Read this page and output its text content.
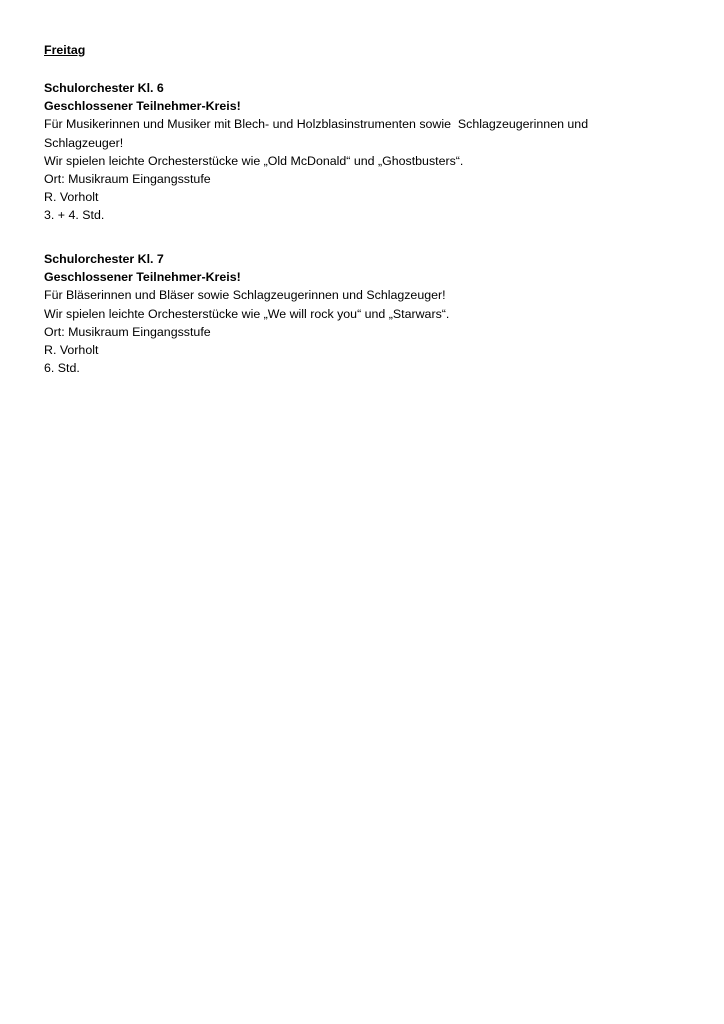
Freitag
Schulorchester Kl. 6
Geschlossener Teilnehmer-Kreis!
Für Musikerinnen und Musiker mit Blech- und Holzblasinstrumenten sowie  Schlagzeugerinnen und
Schlagzeuger!
Wir spielen leichte Orchesterstücke wie „Old McDonald“ und „Ghostbusters“.
Ort: Musikraum Eingangsstufe
R. Vorholt
3. + 4. Std.
Schulorchester Kl. 7
Geschlossener Teilnehmer-Kreis!
Für Bläserinnen und Bläser sowie Schlagzeugerinnen und Schlagzeuger!
Wir spielen leichte Orchesterstücke wie „We will rock you“ und „Starwars“.
Ort: Musikraum Eingangsstufe
R. Vorholt
6. Std.
